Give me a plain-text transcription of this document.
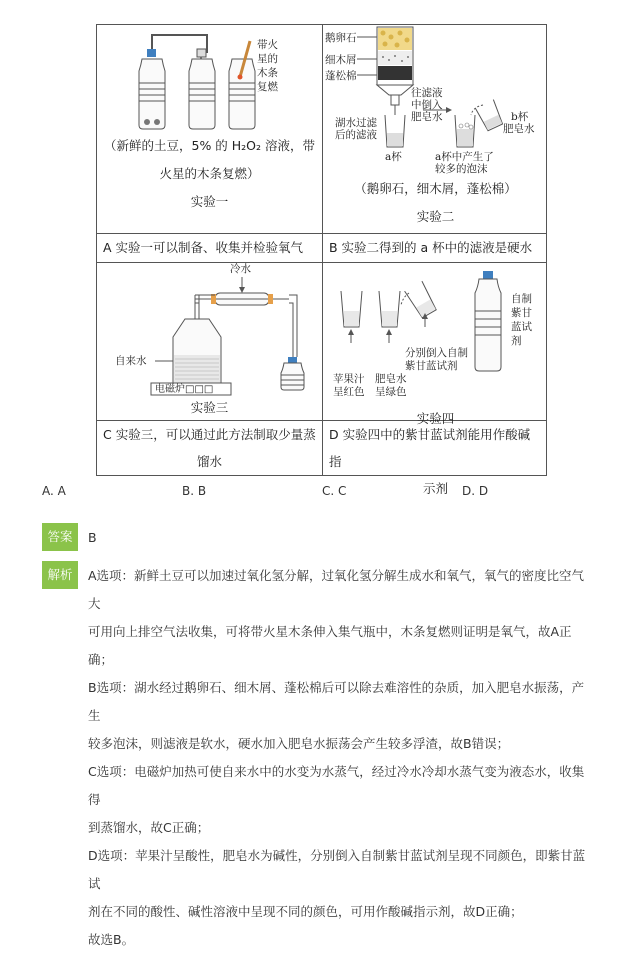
带火
星的
木条
复燃
（新鲜的土豆，5% 的 H₂O₂ 溶液，带
火星的木条复燃）
实验一
鹅卵石
细木屑
蓬松棉
往滤液
中倒入
肥皂水
湖水过滤
后的滤液
b杯
肥皂水
a杯	a杯中产生了
较多的泡沫
（鹅卵石，细木屑，蓬松棉）
实验二
A 实验一可以制备、收集并检验氧气	B 实验二得到的 a 杯中的滤液是硬水
冷水
自来水
电磁炉□□□
实验三
分别倒入自制
紫甘蓝试剂
苹果汁
呈红色
肥皂水
呈绿色
自制
紫甘
蓝试
剂
实验四
C 实验三，可以通过此方法制取少量蒸
馏水
D 实验四中的紫甘蓝试剂能用作酸碱指
示剂
A. A	B. B	C. C	D. D
答案	B
解析	A选项：新鲜土豆可以加速过氧化氢分解，过氧化氢分解生成水和氧气，氧气的密度比空气大

可用向上排空气法收集，可将带火星木条伸入集气瓶中，木条复燃则证明是氧气，故A正确；

B选项：湖水经过鹅卵石、细木屑、蓬松棉后可以除去难溶性的杂质，加入肥皂水振荡，产生

较多泡沫，则滤液是软水，硬水加入肥皂水振荡会产生较多浮渣，故B错误；

C选项：电磁炉加热可使自来水中的水变为水蒸气，经过冷水冷却水蒸气变为液态水，收集得

到蒸馏水，故C正确；

D选项：苹果汁呈酸性，肥皂水为碱性，分别倒入自制紫甘蓝试剂呈现不同颜色，即紫甘蓝试

剂在不同的酸性、碱性溶液中呈现不同的颜色，可用作酸碱指示剂，故D正确；

故选B。
